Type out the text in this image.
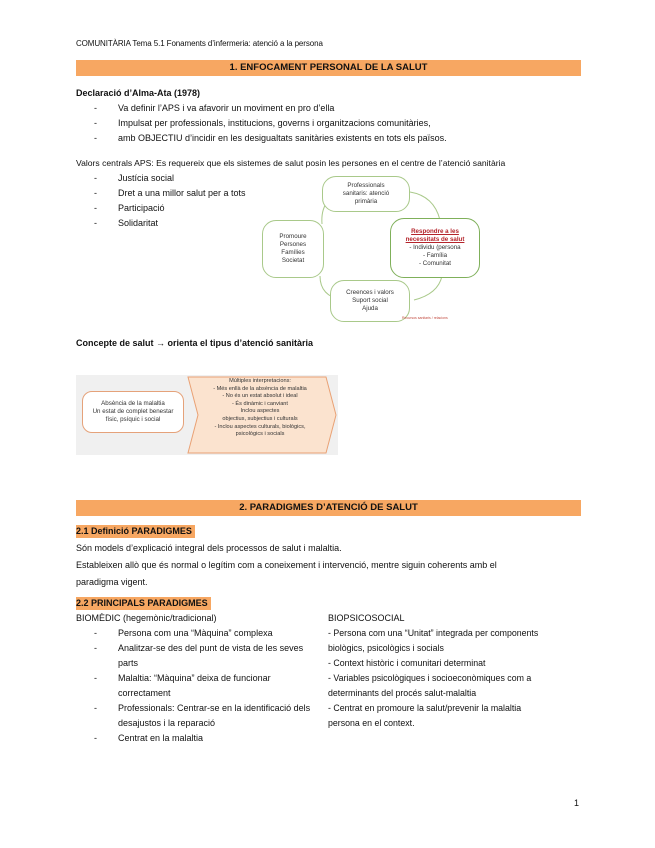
COMUNITÀRIA Tema 5.1 Fonaments d’infermeria: atenció a la persona
1. ENFOCAMENT PERSONAL DE LA SALUT
Declaració d’Alma-Ata (1978)
- Va definir l’APS i va afavorir un moviment en pro d’ella
- Impulsat per professionals, institucions, governs i organitzacions comunitàries,
- amb OBJECTIU d’incidir en les desigualtats sanitàries existents en tots els països.
Valors centrals APS: Es requereix que els sistemes de salut posin les persones en el centre de l’atenció sanitària
- Justícia social
- Dret a una millor salut per a tots
- Participació
- Solidaritat
Professionals
sanitaris: atenció
primària
Promoure
Persones
Famílies
Societat
Respondre a les
necessitats de salut
- Individu (persona
- Família
- Comunitat
Creences i valors
Suport social
Ajuda
Recursos sanitaris / relacions
Concepte de salut → orienta el tipus d’atenció sanitària
Absència de la malaltia
Un estat de complet benestar
físic, psíquic i social
Múltiples interpretacions:
- Més enllà de la absència de malaltia
- No és un estat absolut i ideal
- És dinàmic i canviant
Inclou aspectes
objectius, subjectius i culturals
- Inclou aspectes culturals, biològics,
psicològics i socials
2. PARADIGMES D’ATENCIÓ DE SALUT
2.1 Definició PARADIGMES
Són models d’explicació integral dels processos de salut i malaltia.
Estableixen allò que és normal o legítim com a coneixement i intervenció, mentre siguin coherents amb el
paradigma vigent.
2.2 PRINCIPALS PARADIGMES
BIOMÈDIC (hegemònic/tradicional)
- Persona com una “Màquina” complexa
- Analitzar-se des del punt de vista de les seves parts
- Malaltia: “Màquina” deixa de funcionar correctament
- Professionals: Centrar-se en la identificació dels desajustos i la reparació
- Centrat en la malaltia
BIOPSICOSOCIAL
- Persona com una “Unitat” integrada per components
biològics, psicològics i socials
- Context històric i comunitari determinat
- Variables psicològiques i socioeconòmiques com a
determinants del procés salut-malaltia
- Centrat en promoure la salut/prevenir la malaltia
persona en el context.
1
